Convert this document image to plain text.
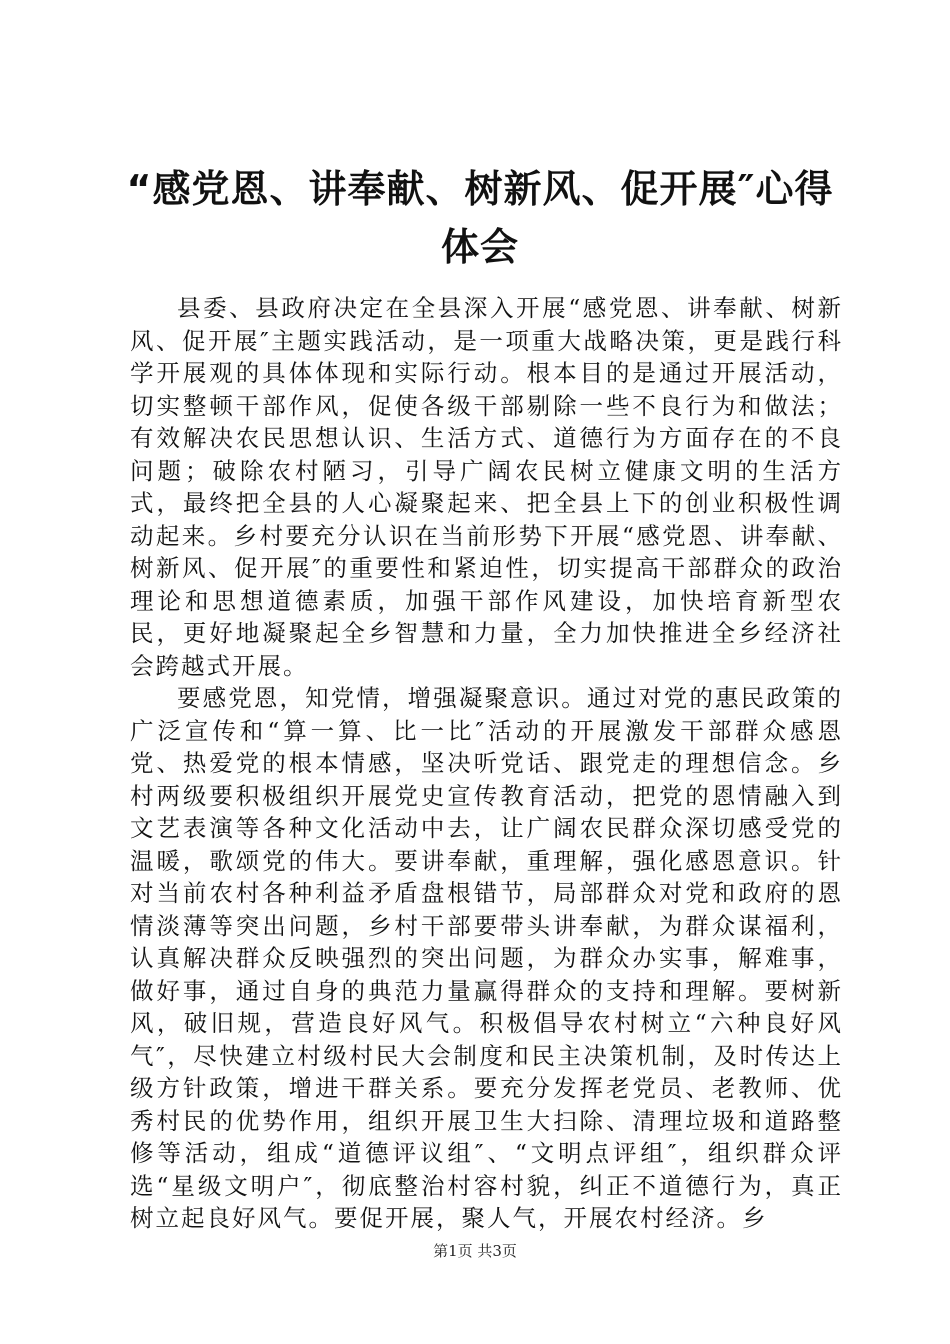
“感党恩、讲奉献、树新风、促开展″心得体会

县委、县政府决定在全县深入开展“感党恩、讲奉献、树新风、促开展″主题实践活动，是一项重大战略决策，更是践行科学开展观的具体体现和实际行动。根本目的是通过开展活动，切实整顿干部作风，促使各级干部剔除一些不良行为和做法；有效解决农民思想认识、生活方式、道德行为方面存在的不良问题；破除农村陋习，引导广阔农民树立健康文明的生活方式，最终把全县的人心凝聚起来、把全县上下的创业积极性调动起来。乡村要充分认识在当前形势下开展“感党恩、讲奉献、树新风、促开展″的重要性和紧迫性，切实提高干部群众的政治理论和思想道德素质，加强干部作风建设，加快培育新型农民，更好地凝聚起全乡智慧和力量，全力加快推进全乡经济社会跨越式开展。

要感党恩，知党情，增强凝聚意识。通过对党的惠民政策的广泛宣传和“算一算、比一比″活动的开展激发干部群众感恩党、热爱党的根本情感，坚决听党话、跟党走的理想信念。乡村两级要积极组织开展党史宣传教育活动，把党的恩情融入到文艺表演等各种文化活动中去，让广阔农民群众深切感受党的温暖，歌颂党的伟大。要讲奉献，重理解，强化感恩意识。针对当前农村各种利益矛盾盘根错节，局部群众对党和政府的恩情淡薄等突出问题，乡村干部要带头讲奉献，为群众谋福利，认真解决群众反映强烈的突出问题，为群众办实事，解难事，做好事，通过自身的典范力量赢得群众的支持和理解。要树新风，破旧规，营造良好风气。积极倡导农村树立“六种良好风气″，尽快建立村级村民大会制度和民主决策机制，及时传达上级方针政策，增进干群关系。要充分发挥老党员、老教师、优秀村民的优势作用，组织开展卫生大扫除、清理垃圾和道路整修等活动，组成“道德评议组″、“文明点评组″，组织群众评选“星级文明户″，彻底整治村容村貌，纠正不道德行为，真正树立起良好风气。要促开展，聚人气，开展农村经济。乡

第1页 共3页
